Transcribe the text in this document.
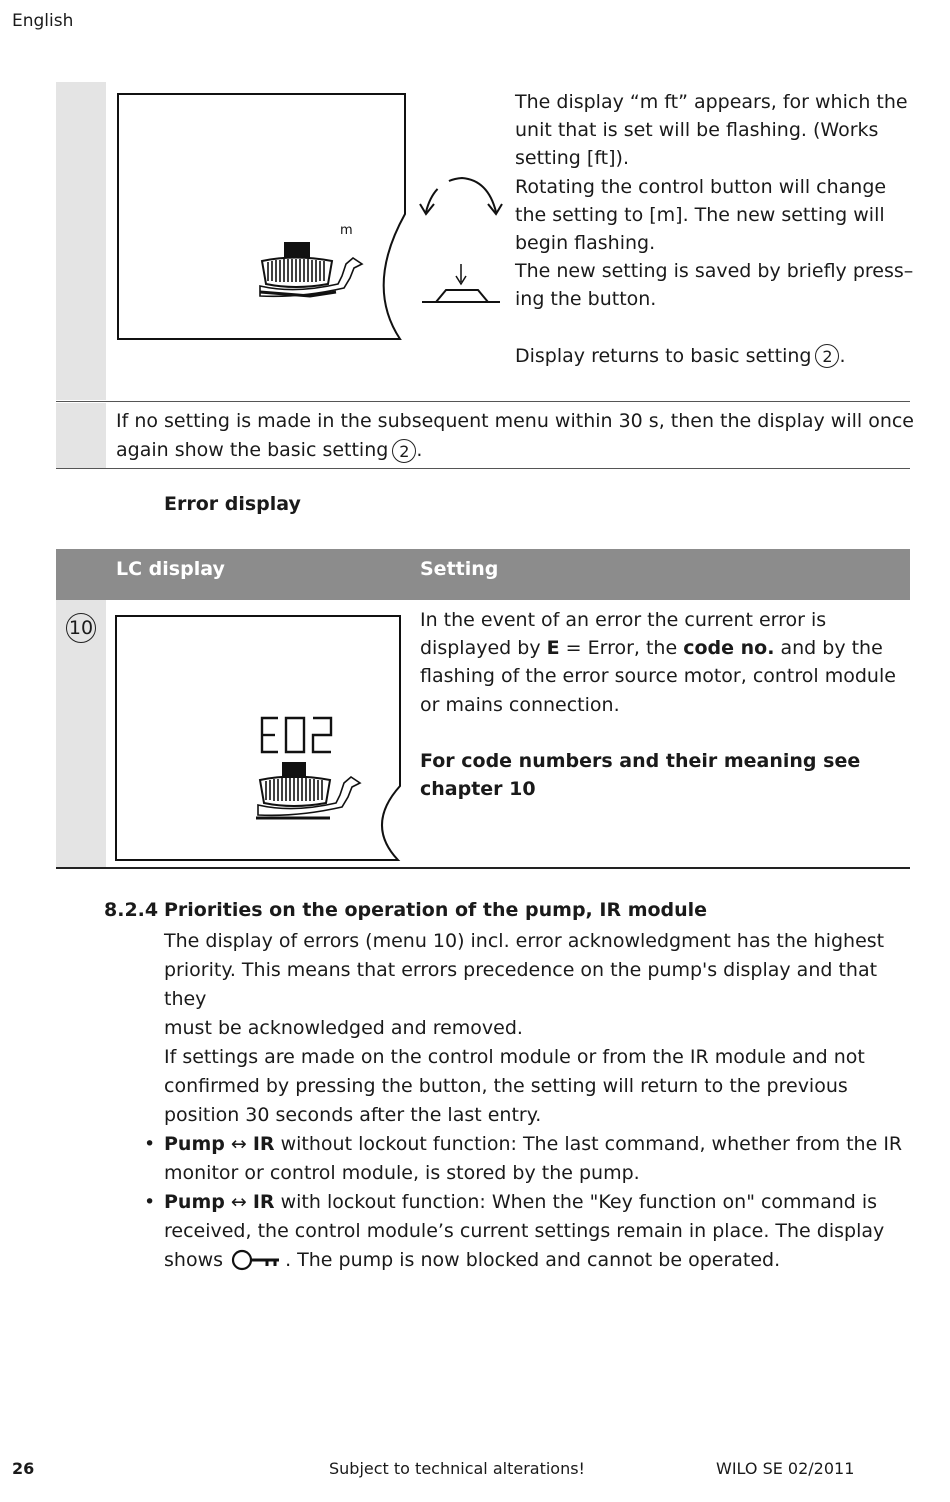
English
m
The display “m ft” appears, for which the
unit that is set will be flashing. (Works
setting [ft]).
Rotating the control button will change
the setting to [m]. The new setting will
begin flashing.
The new setting is saved by briefly press–
ing the button.
Display returns to basic setting 2 .
If no setting is made in the subsequent menu within 30 s, then the display will once
again show the basic setting 2 .
Error display
LC display	Setting
10	In the event of an error the current error is
displayed by E = Error, the code no. and by the
flashing of the error source motor, control module
or mains connection.
For code numbers and their meaning see
chapter 10
8.2.4 Priorities on the operation of the pump, IR module
The display of errors (menu 10) incl. error acknowledgment has the highest
priority. This means that errors precedence on the pump's display and that they
must be acknowledged and removed.
If settings are made on the control module or from the IR module and not
confirmed by pressing the button, the setting will return to the previous
position 30 seconds after the last entry.
• Pump ↔ IR without lockout function: The last command, whether from the IR
monitor or control module, is stored by the pump.
• Pump ↔ IR with lockout function: When the "Key function on" command is
received, the control module’s current settings remain in place. The display
shows	. The pump is now blocked and cannot be operated.
26	Subject to technical alterations!	WILO SE 02/2011
